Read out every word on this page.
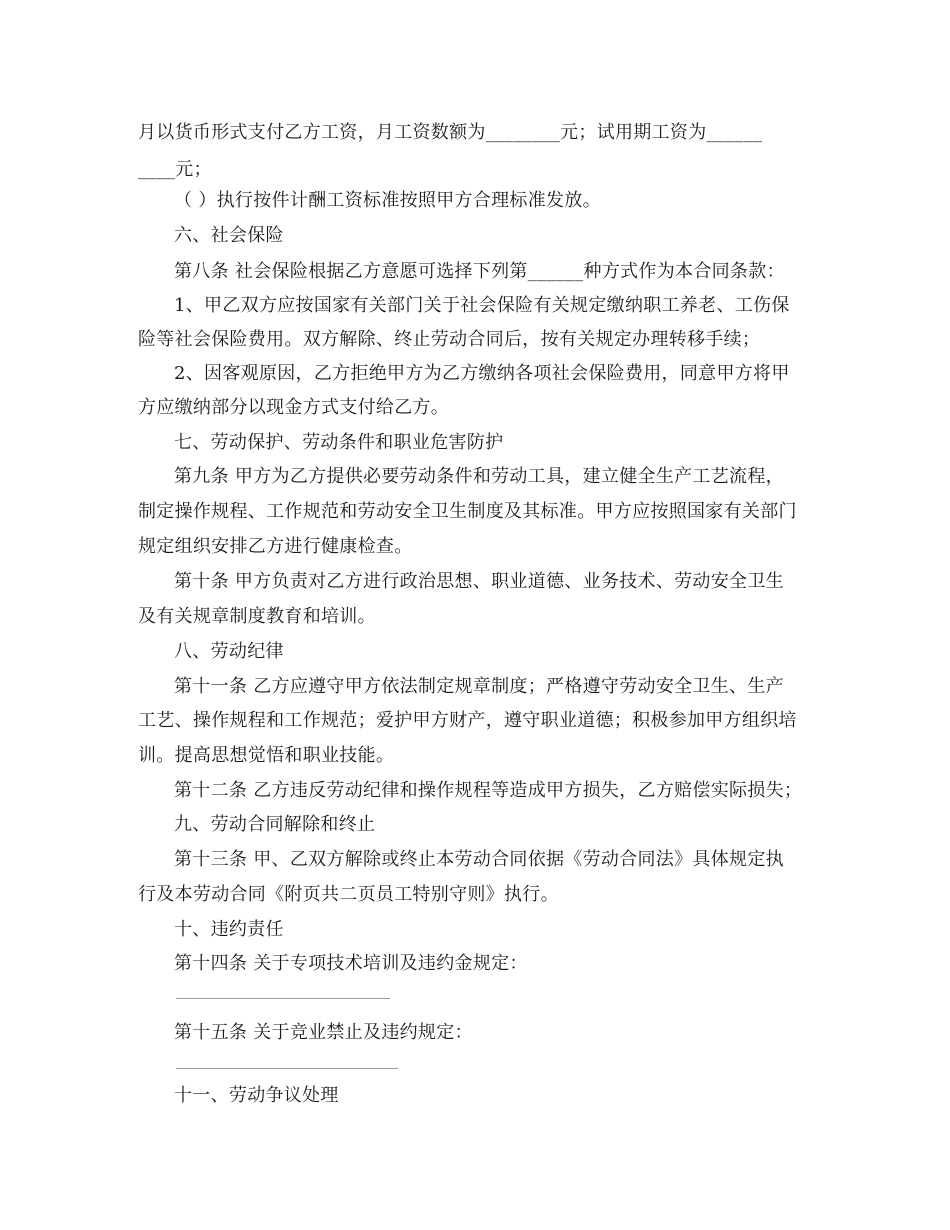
月以货币形式支付乙方工资，月工资数额为________元；试用期工资为______
____元；
（ ）执行按件计酬工资标准按照甲方合理标准发放。
六、社会保险
第八条 社会保险根据乙方意愿可选择下列第______种方式作为本合同条款：
1、甲乙双方应按国家有关部门关于社会保险有关规定缴纳职工养老、工伤保
险等社会保险费用。双方解除、终止劳动合同后，按有关规定办理转移手续；
2、因客观原因，乙方拒绝甲方为乙方缴纳各项社会保险费用，同意甲方将甲
方应缴纳部分以现金方式支付给乙方。
七、劳动保护、劳动条件和职业危害防护
第九条 甲方为乙方提供必要劳动条件和劳动工具，建立健全生产工艺流程，
制定操作规程、工作规范和劳动安全卫生制度及其标准。甲方应按照国家有关部门
规定组织安排乙方进行健康检查。
第十条 甲方负责对乙方进行政治思想、职业道德、业务技术、劳动安全卫生
及有关规章制度教育和培训。
八、劳动纪律
第十一条 乙方应遵守甲方依法制定规章制度；严格遵守劳动安全卫生、生产
工艺、操作规程和工作规范；爱护甲方财产，遵守职业道德；积极参加甲方组织培
训。提高思想觉悟和职业技能。
第十二条 乙方违反劳动纪律和操作规程等造成甲方损失，乙方赔偿实际损失；
九、劳动合同解除和终止
第十三条 甲、乙双方解除或终止本劳动合同依据《劳动合同法》具体规定执
行及本劳动合同《附页共二页员工特别守则》执行。
十、违约责任
第十四条 关于专项技术培训及违约金规定：
第十五条 关于竞业禁止及违约规定：
十一、劳动争议处理
